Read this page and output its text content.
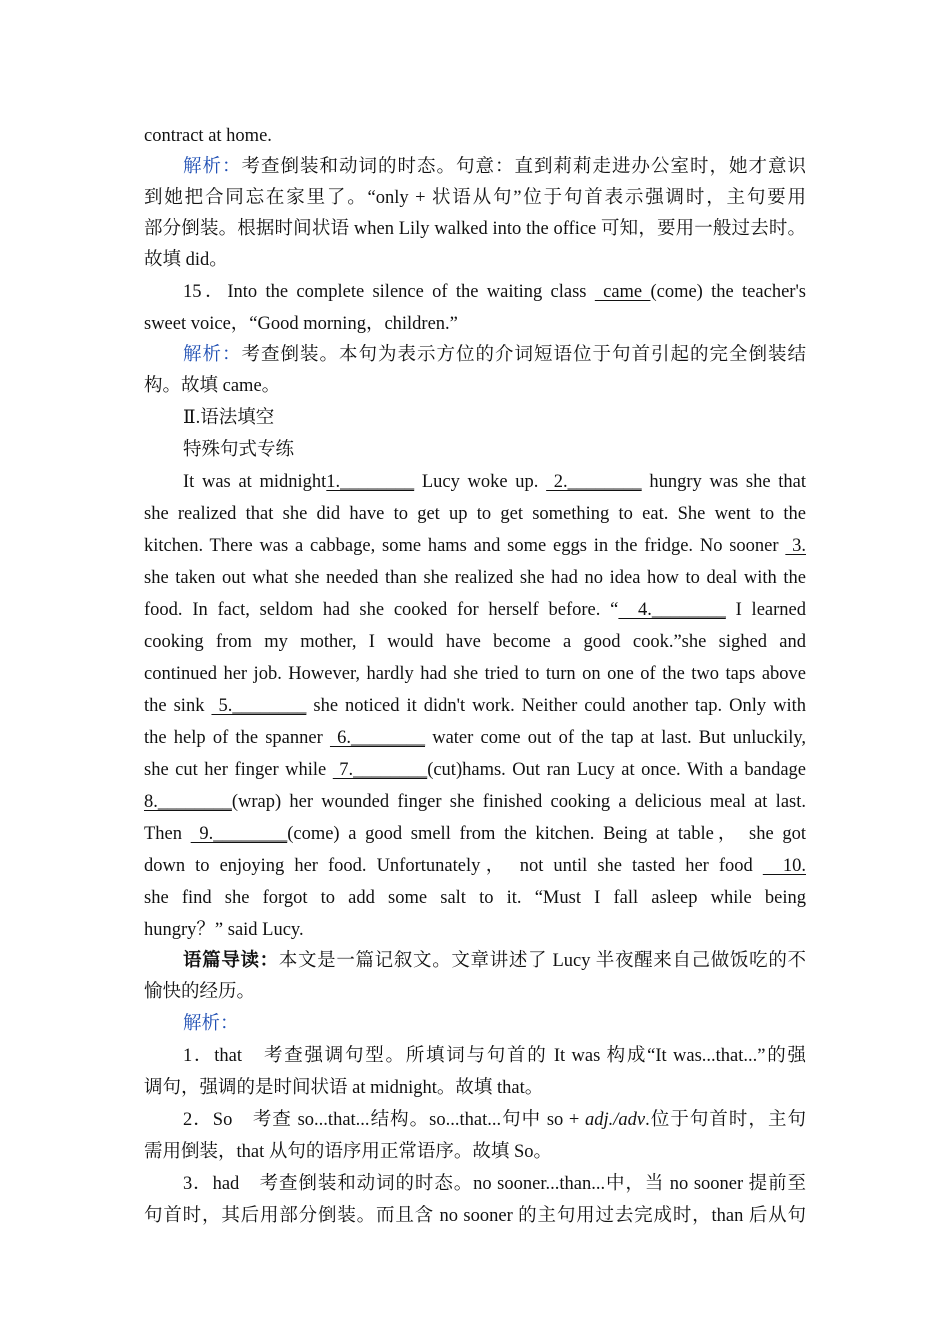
contract at home.
解析：考查倒装和动词的时态。句意：直到莉莉走进办公室时，她才意识
到她把合同忘在家里了。“only + 状语从句”位于句首表示强调时，主句要用
部分倒装。根据时间状语 when Lily walked into the office 可知，要用一般过去时。
故填 did。
15．Into the complete silence of the waiting class  came (come) the teacher's
sweet voice，“Good morning，children.”
解析：考查倒装。本句为表示方位的介词短语位于句首引起的完全倒装结
构。故填 came。
Ⅱ.语法填空
特殊句式专练
It was at midnight1.________ Lucy woke up.  2.________ hungry was she that
she realized that she did have to get up to get something to eat. She went to the
kitchen. There was a cabbage, some hams and some eggs in the fridge. No sooner  3.
she taken out what she needed than she realized she had no idea how to deal with the
food. In fact, seldom had she cooked for herself before. “  4.________ I learned
cooking from my mother, I would have become a good cook.”she sighed and
continued her job. However, hardly had she tried to turn on one of the two taps above
the sink  5.________ she noticed it didn't work. Neither could another tap. Only with
the help of the spanner  6.________ water come out of the tap at last. But unluckily,
she cut her finger while  7.________(cut)hams. Out ran Lucy at once. With a bandage
8.________(wrap) her wounded finger she finished cooking a delicious meal at last.
Then  9.________(come) a good smell from the kitchen. Being at table， she got
down to enjoying her food. Unfortunately， not until she tasted her food   10.
she find she forgot to add some salt to it. “Must I fall asleep while being
hungry？” said Lucy.
语篇导读：本文是一篇记叙文。文章讲述了 Lucy 半夜醒来自己做饭吃的不
愉快的经历。
解析：
1．that　考查强调句型。所填词与句首的 It was 构成“It was...that...”的强
调句，强调的是时间状语 at midnight。故填 that。
2．So　考查 so...that...结构。so...that...句中 so + adj./adv.位于句首时，主句
需用倒装，that 从句的语序用正常语序。故填 So。
3．had　考查倒装和动词的时态。no sooner...than...中，当 no sooner 提前至
句首时，其后用部分倒装。而且含 no sooner 的主句用过去完成时，than 后从句
